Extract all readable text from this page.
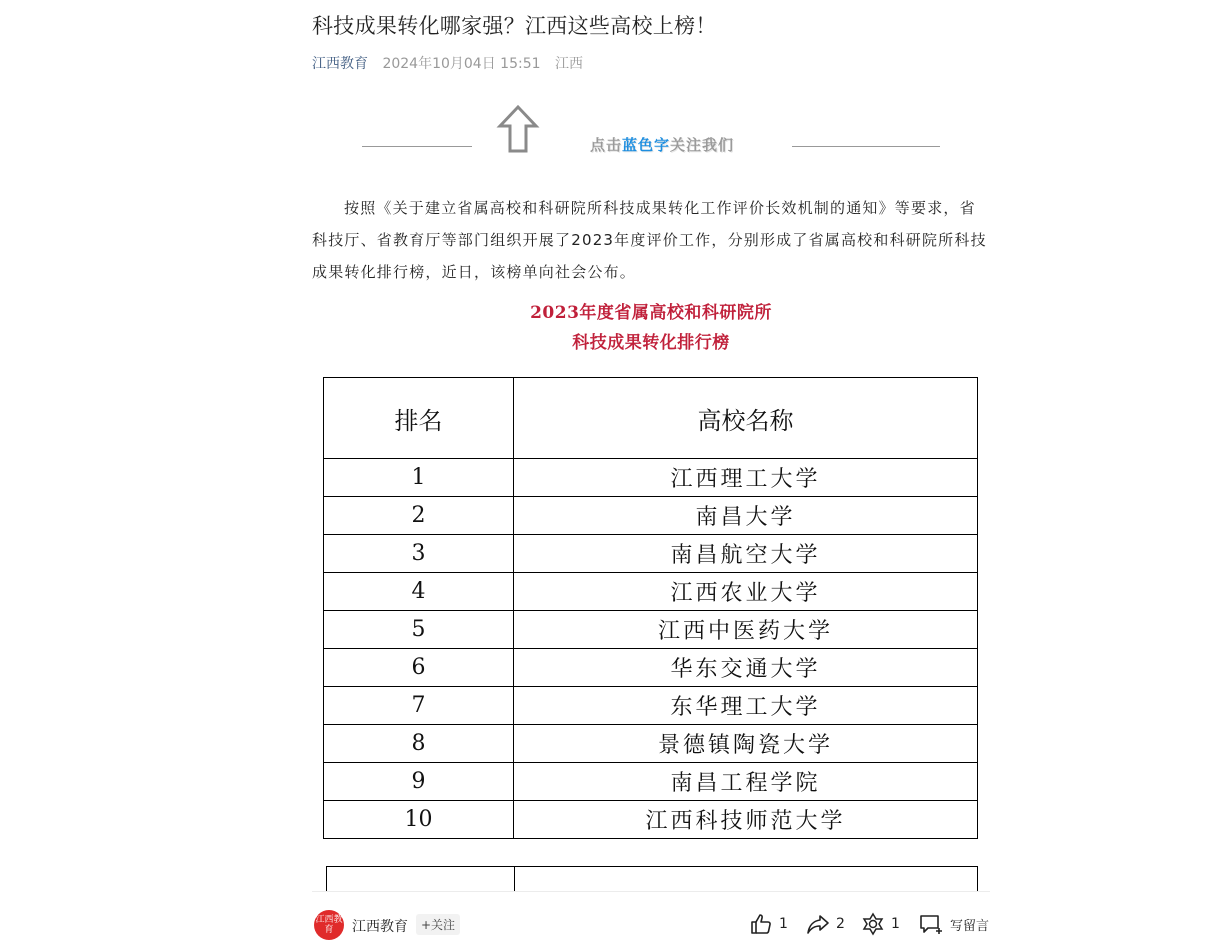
科技成果转化哪家强？江西这些高校上榜！
江西教育 2024年10月04日 15:51 江西
点击蓝色字关注我们

按照《关于建立省属高校和科研院所科技成果转化工作评价长效机制的通知》等要求，省科技厅、省教育厅等部门组织开展了2023年度评价工作，分别形成了省属高校和科研院所科技成果转化排行榜，近日，该榜单向社会公布。

2023年度省属高校和科研院所
科技成果转化排行榜
排名	高校名称
1	江西理工大学
2	南昌大学
3	南昌航空大学
4	江西农业大学
5	江西中医药大学
6	华东交通大学
7	东华理工大学
8	景德镇陶瓷大学
9	南昌工程学院
10	江西科技师范大学
江西教育	江西教育	+关注	1	2	1	写留言
